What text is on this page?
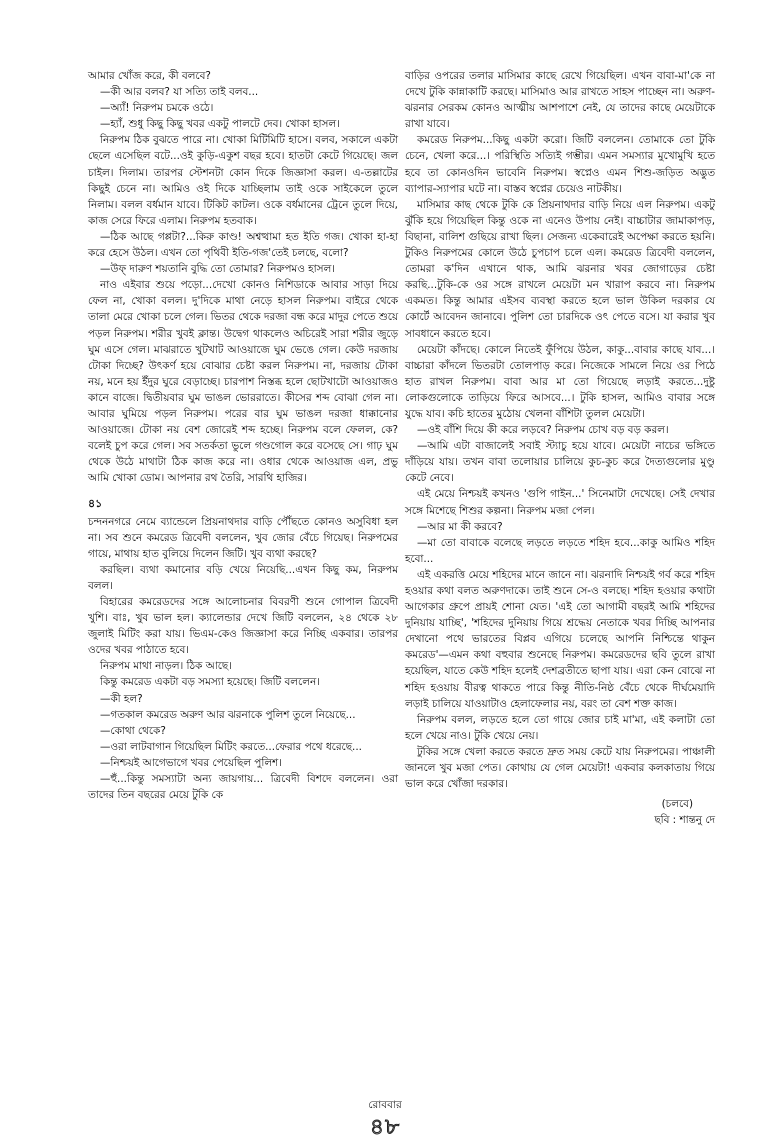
আমার খোঁজ করে, কী বলবে?

—কী আর বলব? যা সত্যি তাই বলব...

—অ্যাঁ! নিরুপম চমকে ওঠে।

—হ্যাঁ, শুধু কিছু কিছু খবর একটু পালটে দেব। খোকা হাসল।

নিরুপম ঠিক বুঝতে পারে না। খোকা মিটিমিটি হাসে। বলব, সকালে একটা ছেলে এসেছিল বটে...ওই কুড়ি-একুশ বছর হবে। হাতটা কেটে গিয়েছে। জল চাইল। দিলাম। তারপর স্টেশনটা কোন দিকে জিজ্ঞাসা করল। এ-তল্লাটের কিছুই চেনে না। আমিও ওই দিকে যাচ্ছিলাম তাই ওকে সাইকেলে তুলে নিলাম। বলল বর্ধমান যাবে। টিকিট কাটল। ওকে বর্ধমানের ট্রেনে তুলে দিয়ে, কাজ সেরে ফিরে এলাম। নিরুপম হতবাক।

—ঠিক আছে গপ্পটা?...কিরু কাণ্ড! অশ্বত্থামা হত ইতি গজ। খোকা হা-হা করে হেসে উঠল। এখন তো পৃথিবী ইতি-গজ'তেই চলছে, বলো?

—উফ্ দারুণ শয়তানি বুদ্ধি তো তোমার? নিরুপমও হাসল।

নাও এইবার শুয়ে পড়ো...দেখো কোনও নিশিডাকে আবার সাড়া দিয়ে ফেল না, খোকা বলল। দু'দিকে মাথা নেড়ে হাসল নিরুপম। বাইরে থেকে তালা মেরে খোকা চলে গেল। ভিতর থেকে দরজা বন্ধ করে মাদুর পেতে শুয়ে পড়ল নিরুপম। শরীর খুবই ক্লান্ত। উদ্বেগ থাকলেও অচিরেই সারা শরীর জুড়ে ঘুম এসে গেল। মাঝরাতে খুটখাট আওয়াজে ঘুম ভেঙে গেল। কেউ দরজায় টোকা দিচ্ছে? উৎকর্ণ হয়ে বোঝার চেষ্টা করল নিরুপম। না, দরজায় টোকা নয়, মনে হয় ইঁদুর ঘুরে বেড়াচ্ছে। চারপাশ নিস্তব্ধ হলে ছোটখাটো আওয়াজও কানে বাজে। দ্বিতীয়বার ঘুম ভাঙল ভোররাতে। কীসের শব্দ বোঝা গেল না। আবার ঘুমিয়ে পড়ল নিরুপম। পরের বার ঘুম ভাঙল দরজা ধাক্কানোর আওয়াজে। টোকা নয় বেশ জোরেই শব্দ হচ্ছে। নিরুপম বলে ফেলল, কে? বলেই চুপ করে গেল। সব সতর্কতা ভুলে গণ্ডগোল করে বসেছে সে। গাঢ় ঘুম থেকে উঠে মাথাটা ঠিক কাজ করে না। ওধার থেকে আওয়াজ এল, প্রভু আমি খোকা ডোম। আপনার রথ তৈরি, সারথি হাজির।

৪১

চন্দননগরে নেমে ব্যান্ডেলে প্রিয়নাথদার বাড়ি পৌঁছতে কোনও অসুবিধা হল না। সব শুনে কমরেড ত্রিবেদী বললেন, খুব জোর বেঁচে গিয়েছ। নিরুপমের গায়ে, মাথায় হাত বুলিয়ে দিলেন জিটি। খুব ব্যথা করছে?

করছিল। ব্যথা কমানোর বড়ি খেয়ে নিয়েছি...এখন কিছু কম, নিরুপম বলল।

বিহারের কমরেডদের সঙ্গে আলোচনার বিবরণী শুনে গোপাল ত্রিবেদী খুশি। বাঃ, খুব ভাল হল। ক্যালেন্ডার দেখে জিটি বললেন, ২৪ থেকে ২৮ জুলাই মিটিং করা যায়। ভিএম-কেও জিজ্ঞাসা করে নিচ্ছি একবার। তারপর ওদের খবর পাঠাতে হবে।

নিরুপম মাথা নাড়ল। ঠিক আছে।

কিন্তু কমরেড একটা বড় সমস্যা হয়েছে। জিটি বললেন।

—কী হল?

—গতকাল কমরেড অরুণ আর ঝরনাকে পুলিশ তুলে নিয়েছে...

—কোথা থেকে?

—ওরা লাটবাগান গিয়েছিল মিটিং করতে...ফেরার পথে ধরেছে...

—নিশ্চয়ই আগেভাগে খবর পেয়েছিল পুলিশ।

—হুঁ...কিন্তু সমস্যাটা অন্য জায়গায়... ত্রিবেদী বিশদে বললেন। ওরা তাদের তিন বছরের মেয়ে টুকি কে

বাড়ির ওপরের তলার মাসিমার কাছে রেখে গিয়েছিল। এখন বাবা-মা'কে না দেখে টুকি কান্নাকাটি করছে। মাসিমাও আর রাখতে সাহস পাচ্ছেন না। অরুণ-ঝরনার সেরকম কোনও আত্মীয় আশপাশে নেই, যে তাদের কাছে মেয়েটাকে রাখা যাবে।

কমরেড নিরুপম...কিছু একটা করো। জিটি বললেন। তোমাকে তো টুকি চেনে, খেলা করে...। পরিস্থিতি সত্যিই গম্ভীর। এমন সমস্যার মুখোমুখি হতে হবে তা কোনওদিন ভাবেনি নিরুপম। স্বপ্নেও এমন শিশু-জড়িত অদ্ভুত ব্যাপার-স্যাপার ঘটে না। বাস্তব স্বপ্নের চেয়েও নাটকীয়।

মাসিমার কাছ থেকে টুকি কে প্রিয়নাথদার বাড়ি নিয়ে এল নিরুপম। একটু ঝুঁকি হয়ে গিয়েছিল কিন্তু ওকে না এনেও উপায় নেই। বাচ্চাটার জামাকাপড়, বিছানা, বালিশ গুছিয়ে রাখা ছিল। সেজন্য একেবারেই অপেক্ষা করতে হয়নি। টুকিও নিরুপমের কোলে উঠে চুপচাপ চলে এল। কমরেড ত্রিবেদী বললেন, তোমরা ক'দিন এখানে থাক, আমি ঝরনার খবর জোগাড়ের চেষ্টা করছি...টুকি-কে ওর সঙ্গে রাখলে মেয়েটা মন খারাপ করবে না। নিরুপম একমত। কিন্তু আমার এইসব ব্যবস্থা করতে হলে ভাল উকিল দরকার যে কোর্টে আবেদন জানাবে। পুলিশ তো চারদিকে ওৎ পেতে বসে। যা করার খুব সাবধানে করতে হবে।

মেয়েটা কাঁদছে। কোলে নিতেই ফুঁপিয়ে উঠল, কাকু...বাবার কাছে যাব...। বাচ্চারা কাঁদলে ভিতরটা তোলপাড় করে। নিজেকে সামলে নিয়ে ওর পিঠে হাত রাখল নিরুপম। বাবা আর মা তো গিয়েছে লড়াই করতে...দুষ্টু লোকগুলোকে তাড়িয়ে ফিরে আসবে...। টুকি হাসল, আমিও বাবার সঙ্গে যুদ্ধে যাব। কচি হাতের মুঠোয় খেলনা বাঁশিটা তুলল মেয়েটা।

—ওই বাঁশি দিয়ে কী করে লড়বে? নিরুপম চোখ বড় বড় করল।

—আমি এটা বাজালেই সবাই স্ট্যাচু হয়ে যাবে। মেয়েটা নাচের ভঙ্গিতে দাঁড়িয়ে যায়। তখন বাবা তলোয়ার চালিয়ে কুচ-কুচ করে দৈত্যগুলোর মুণ্ডু কেটে নেবে।

এই মেয়ে নিশ্চয়ই কখনও 'গুপি গাইন...' সিনেমাটা দেখেছে। সেই দেখার সঙ্গে মিশেছে শিশুর কল্পনা। নিরুপম মজা পেল।

—আর মা কী করবে?

—মা তো বাবাকে বলেছে লড়তে লড়তে শহিদ হবে...কাকু আমিও শহিদ হবো...

এই একরত্তি মেয়ে শহিদের মানে জানে না। ঝরনাদি নিশ্চয়ই গর্ব করে শহিদ হওয়ার কথা বলত অরুণদাকে। তাই শুনে সে-ও বলছে। শহিদ হওয়ার কথাটা আগেকার গ্রুপে প্রায়ই শোনা যেত। 'এই তো আগামী বছরই আমি শহিদের দুনিয়ায় যাচ্ছি', 'শহিদের দুনিয়ায় গিয়ে শ্রদ্ধেয় নেতাকে খবর দিচ্ছি আপনার দেখানো পথে ভারতের বিপ্লব এগিয়ে চলেছে আপনি নিশ্চিন্তে থাকুন কমরেড'—এমন কথা বহুবার শুনেছে নিরুপম। কমরেডদের ছবি তুলে রাখা হয়েছিল, যাতে কেউ শহিদ হলেই দেশব্রতীতে ছাপা যায়। এরা কেন বোঝে না শহিদ হওয়ায় বীরত্ব থাকতে পারে কিন্তু নীতি-নিষ্ঠ বেঁচে থেকে দীর্ঘমেয়াদি লড়াই চালিয়ে যাওয়াটাও হেলাফেলার নয়, বরং তা বেশ শক্ত কাজ।

নিরুপম বলল, লড়তে হলে তো গায়ে জোর চাই মা'মা, এই কলাটা তো হলে খেয়ে নাও। টুকি খেয়ে নেয়।

টুকির সঙ্গে খেলা করতে করতে দ্রুত সময় কেটে যায় নিরুপমের। পাঞ্চালী জানলে খুব মজা পেত। কোথায় যে গেল মেয়েটা! একবার কলকাতায় গিয়ে ভাল করে খোঁজা দরকার।

(চলবে)
ছবি : শান্তনু দে
রোববার
৪৮
